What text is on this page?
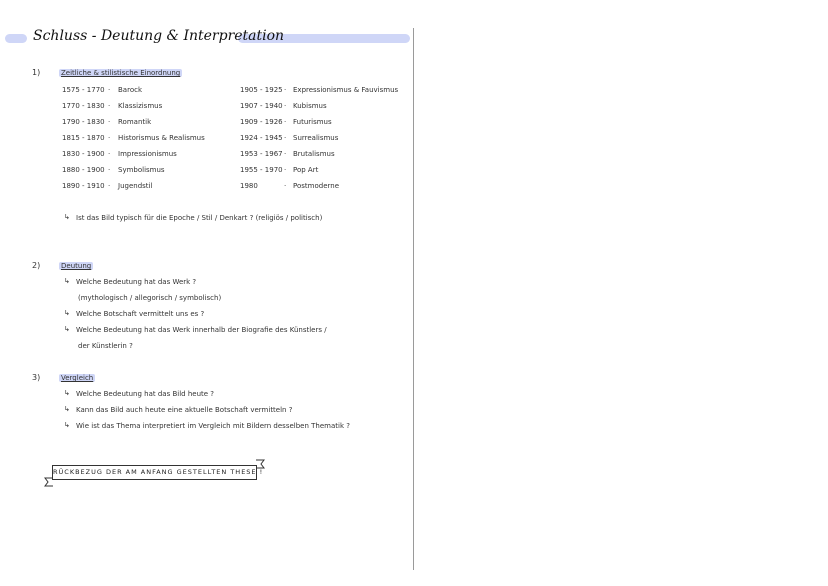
Schluss - Deutung & Interpretation
1)	Zeitliche & stilistische Einordnung
1575 - 1770 · Barock
1770 - 1830 · Klassizismus
1790 - 1830 · Romantik
1815 - 1870 · Historismus & Realismus
1830 - 1900 · Impressionismus
1880 - 1900 · Symbolismus
1890 - 1910 · Jugendstil
1905 - 1925 · Expressionismus & Fauvismus
1907 - 1940 · Kubismus
1909 - 1926 · Futurismus
1924 - 1945 · Surrealismus
1953 - 1967 · Brutalismus
1955 - 1970 · Pop Art
1980	· Postmoderne
↳ Ist das Bild typisch für die Epoche / Stil / Denkart ? (religiös / politisch)
2)	Deutung
↳ Welche Bedeutung hat das Werk ?
(mythologisch / allegorisch / symbolisch)
↳ Welche Botschaft vermittelt uns es ?
↳ Welche Bedeutung hat das Werk innerhalb der Biografie des Künstlers /
der Künstlerin ?
3)	Vergleich
↳ Welche Bedeutung hat das Bild heute ?
↳ Kann das Bild auch heute eine aktuelle Botschaft vermitteln ?
↳ Wie ist das Thema interpretiert im Vergleich mit Bildern desselben Thematik ?
RÜCKBEZUG DER AM ANFANG GESTELLTEN THESE !
